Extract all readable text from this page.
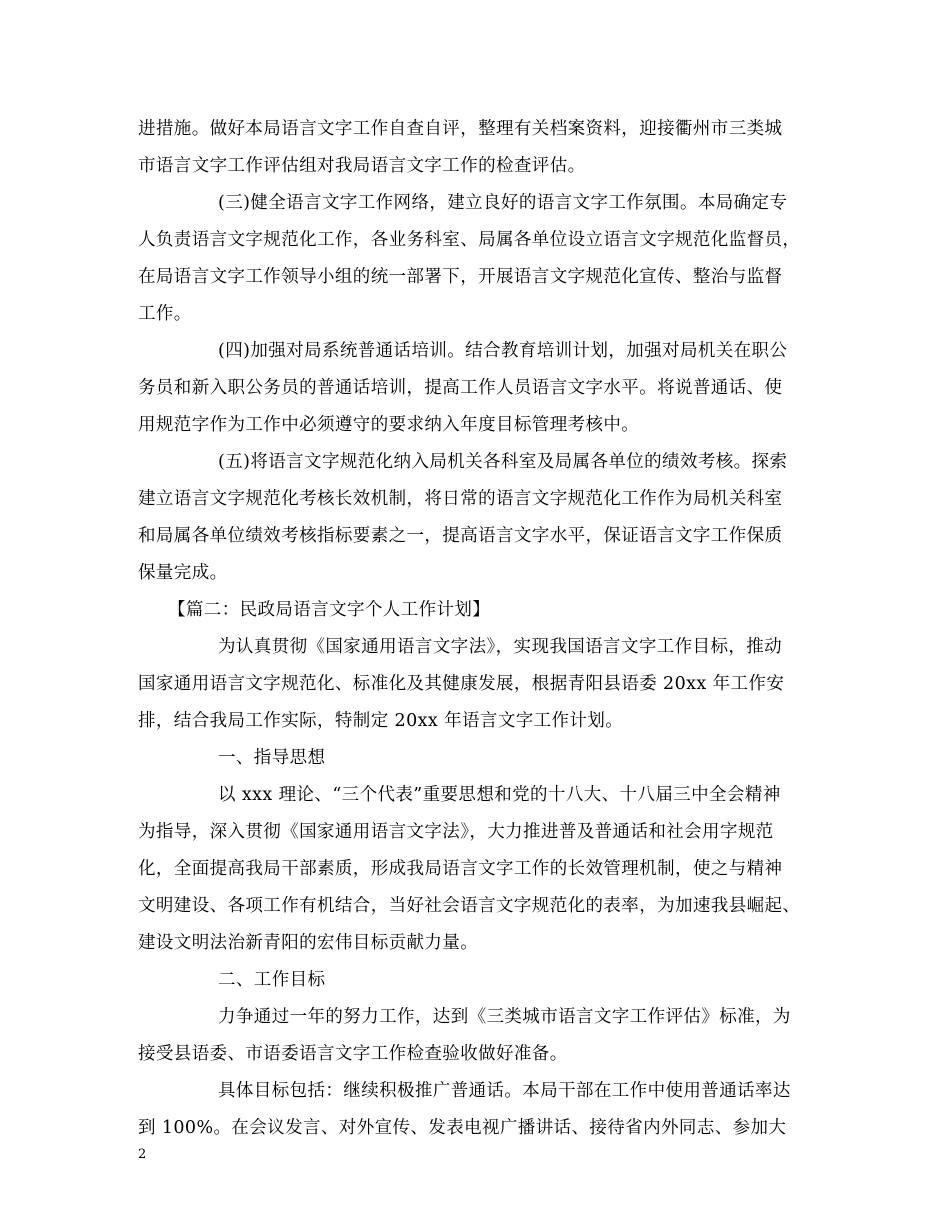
进措施。做好本局语言文字工作自查自评，整理有关档案资料，迎接衢州市三类城
市语言文字工作评估组对我局语言文字工作的检查评估。
(三)健全语言文字工作网络，建立良好的语言文字工作氛围。本局确定专
人负责语言文字规范化工作，各业务科室、局属各单位设立语言文字规范化监督员，
在局语言文字工作领导小组的统一部署下，开展语言文字规范化宣传、整治与监督
工作。
(四)加强对局系统普通话培训。结合教育培训计划，加强对局机关在职公
务员和新入职公务员的普通话培训，提高工作人员语言文字水平。将说普通话、使
用规范字作为工作中必须遵守的要求纳入年度目标管理考核中。
(五)将语言文字规范化纳入局机关各科室及局属各单位的绩效考核。探索
建立语言文字规范化考核长效机制，将日常的语言文字规范化工作作为局机关科室
和局属各单位绩效考核指标要素之一，提高语言文字水平，保证语言文字工作保质
保量完成。
【篇二：民政局语言文字个人工作计划】
为认真贯彻《国家通用语言文字法》，实现我国语言文字工作目标，推动
国家通用语言文字规范化、标准化及其健康发展，根据青阳县语委 20xx 年工作安
排，结合我局工作实际，特制定 20xx 年语言文字工作计划。
一、指导思想
以 xxx 理论、“三个代表”重要思想和党的十八大、十八届三中全会精神
为指导，深入贯彻《国家通用语言文字法》，大力推进普及普通话和社会用字规范
化，全面提高我局干部素质，形成我局语言文字工作的长效管理机制，使之与精神
文明建设、各项工作有机结合，当好社会语言文字规范化的表率，为加速我县崛起、
建设文明法治新青阳的宏伟目标贡献力量。
二、工作目标
力争通过一年的努力工作，达到《三类城市语言文字工作评估》标准，为
接受县语委、市语委语言文字工作检查验收做好准备。
具体目标包括：继续积极推广普通话。本局干部在工作中使用普通话率达
到 100%。在会议发言、对外宣传、发表电视广播讲话、接待省内外同志、参加大
2
